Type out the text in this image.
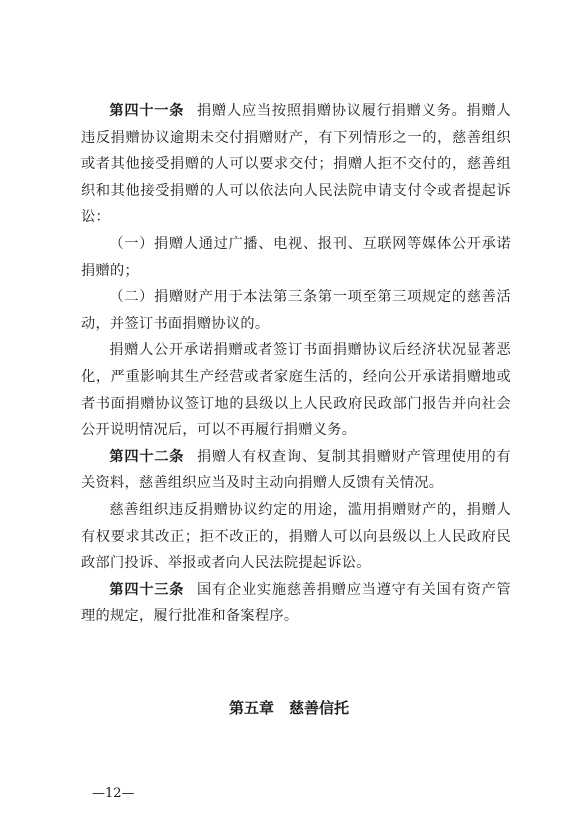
第四十一条 捐赠人应当按照捐赠协议履行捐赠义务。捐赠人违反捐赠协议逾期未交付捐赠财产，有下列情形之一的，慈善组织或者其他接受捐赠的人可以要求交付；捐赠人拒不交付的，慈善组织和其他接受捐赠的人可以依法向人民法院申请支付令或者提起诉讼：

（一）捐赠人通过广播、电视、报刊、互联网等媒体公开承诺捐赠的；

（二）捐赠财产用于本法第三条第一项至第三项规定的慈善活动，并签订书面捐赠协议的。

捐赠人公开承诺捐赠或者签订书面捐赠协议后经济状况显著恶化，严重影响其生产经营或者家庭生活的，经向公开承诺捐赠地或者书面捐赠协议签订地的县级以上人民政府民政部门报告并向社会公开说明情况后，可以不再履行捐赠义务。

第四十二条 捐赠人有权查询、复制其捐赠财产管理使用的有关资料，慈善组织应当及时主动向捐赠人反馈有关情况。

慈善组织违反捐赠协议约定的用途，滥用捐赠财产的，捐赠人有权要求其改正；拒不改正的，捐赠人可以向县级以上人民政府民政部门投诉、举报或者向人民法院提起诉讼。

第四十三条 国有企业实施慈善捐赠应当遵守有关国有资产管理的规定，履行批准和备案程序。

第五章　慈善信托
—12—
